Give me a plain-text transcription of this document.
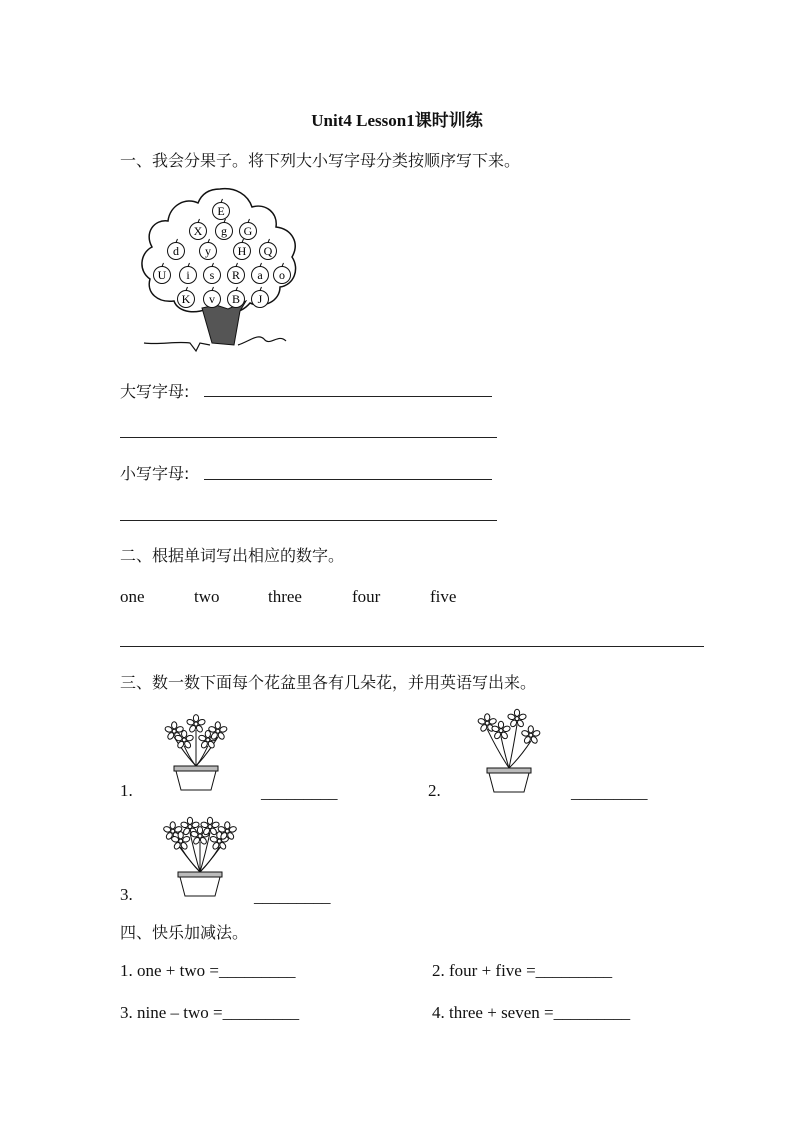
Unit4 Lesson1课时训练
一、我会分果子。将下列大小写字母分类按顺序写下来。
E
X g G
d y H Q
U i s R a o
K v B J
大写字母:
小写字母:
二、根据单词写出相应的数字。
one	two	three	four	five
三、数一数下面每个花盆里各有几朵花，并用英语写出来。
1.	_________	2.	_________
3.	_________
四、快乐加减法。
1. one + two =_________	2. four + five =_________
3. nine – two =_________	4. three + seven =_________
